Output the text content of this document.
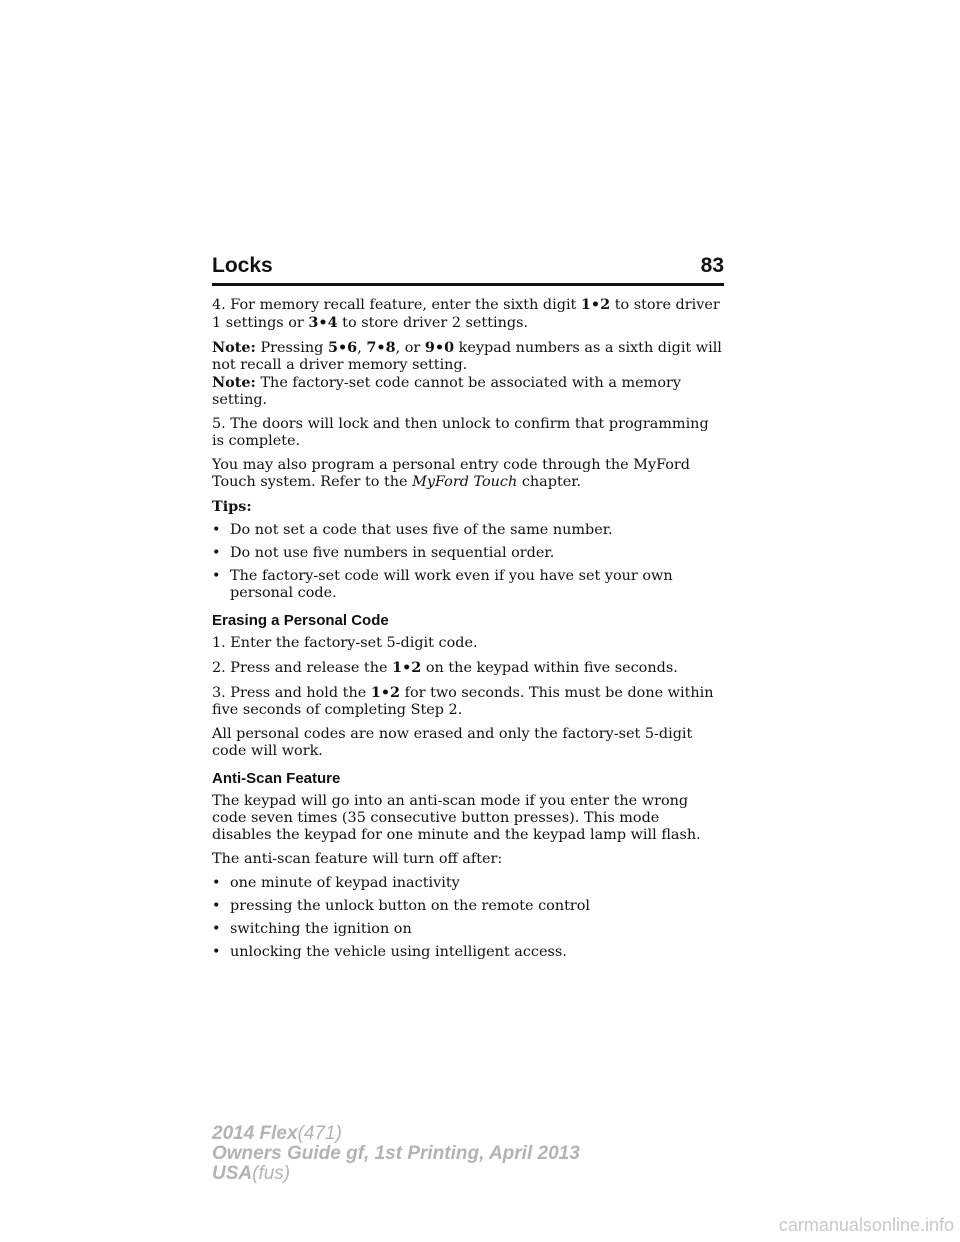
Locks	83

4. For memory recall feature, enter the sixth digit 1•2 to store driver 1 settings or 3•4 to store driver 2 settings.

Note: Pressing 5•6, 7•8, or 9•0 keypad numbers as a sixth digit will not recall a driver memory setting.

Note: The factory-set code cannot be associated with a memory setting.

5. The doors will lock and then unlock to confirm that programming is complete.

You may also program a personal entry code through the MyFord Touch system. Refer to the MyFord Touch chapter.

Tips:
• Do not set a code that uses five of the same number.
• Do not use five numbers in sequential order.
• The factory-set code will work even if you have set your own personal code.
Erasing a Personal Code

1. Enter the factory-set 5-digit code.

2. Press and release the 1•2 on the keypad within five seconds.

3. Press and hold the 1•2 for two seconds. This must be done within five seconds of completing Step 2.

All personal codes are now erased and only the factory-set 5-digit code will work.

Anti-Scan Feature

The keypad will go into an anti-scan mode if you enter the wrong code seven times (35 consecutive button presses). This mode disables the keypad for one minute and the keypad lamp will flash.

The anti-scan feature will turn off after:

• one minute of keypad inactivity
• pressing the unlock button on the remote control
• switching the ignition on
• unlocking the vehicle using intelligent access.
2014 Flex(471)
Owners Guide gf, 1st Printing, April 2013
USA(fus)
carmanualsonline.info
